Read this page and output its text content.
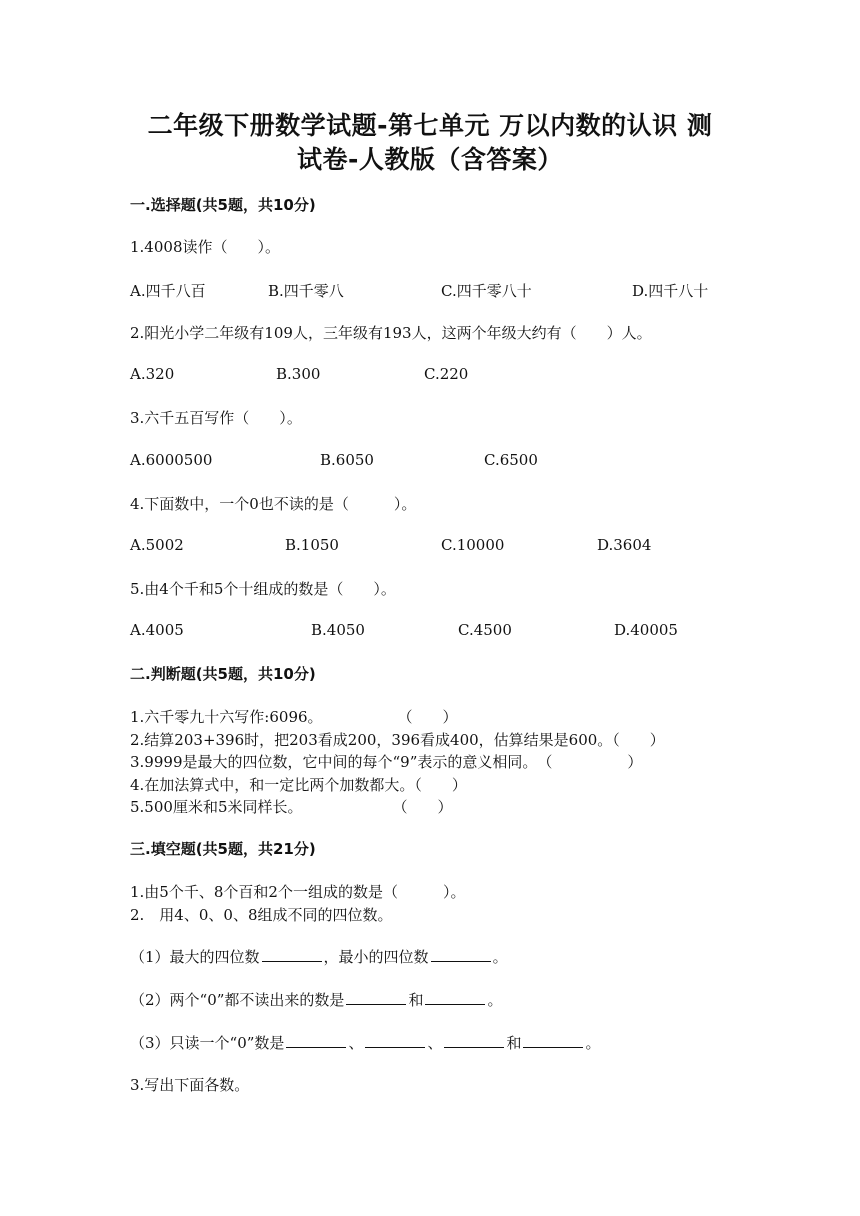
二年级下册数学试题-第七单元 万以内数的认识 测
试卷-人教版（含答案）
一.选择题(共5题，共10分)
1.4008读作（　　）。
A.四千八百	B.四千零八	C.四千零八十	D.四千八十
2.阳光小学二年级有109人，三年级有193人，这两个年级大约有（　　）人。
A.320	B.300	C.220
3.六千五百写作（　　）。
A.6000500	B.6050	C.6500
4.下面数中，一个0也不读的是（　　　）。
A.5002	B.1050	C.10000	D.3604
5.由4个千和5个十组成的数是（　　）。
A.4005	B.4050	C.4500	D.40005
二.判断题(共5题，共10分)
1.六千零九十六写作:6096。　　　　　　（　　）
2.结算203+396时，把203看成200，396看成400，估算结果是600。（　　）
3.9999是最大的四位数，它中间的每个“9”表示的意义相同。　（　　　　　）
4.在加法算式中，和一定比两个加数都大。（　　）
5.500厘米和5米同样长。　　　　　　　（　　）
三.填空题(共5题，共21分)
1.由5个千、8个百和2个一组成的数是（　　　）。
2.　用4、0、0、8组成不同的四位数。
（1）最大的四位数	，最小的四位数	。
（2）两个“0”都不读出来的数是	和	。
（3）只读一个“0”数是	、	、	和	。
3.写出下面各数。
